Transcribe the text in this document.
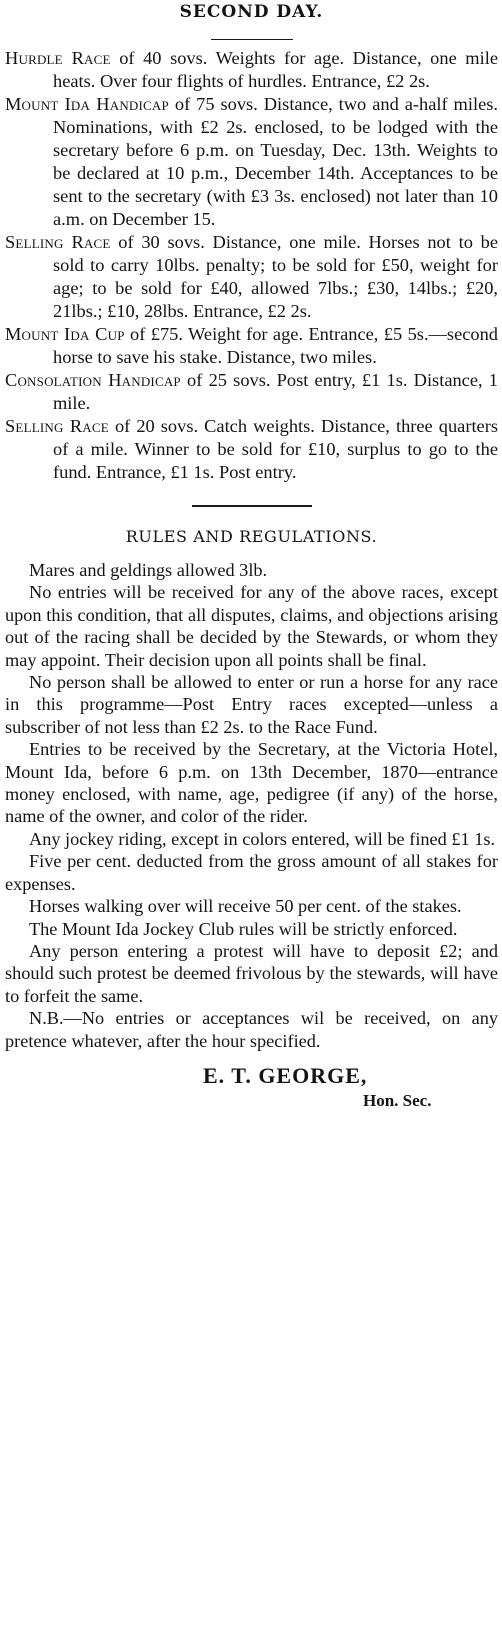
SECOND DAY.

Hurdle Race of 40 sovs. Weights for age. Distance, one mile heats. Over four flights of hurdles. Entrance, £2 2s.

Mount Ida Handicap of 75 sovs. Distance, two and a-half miles. Nominations, with £2 2s. enclosed, to be lodged with the secretary before 6 p.m. on Tuesday, Dec. 13th. Weights to be declared at 10 p.m., December 14th. Acceptances to be sent to the secretary (with £3 3s. enclosed) not later than 10 a.m. on December 15.

Selling Race of 30 sovs. Distance, one mile. Horses not to be sold to carry 10lbs. penalty; to be sold for £50, weight for age; to be sold for £40, allowed 7lbs.; £30, 14lbs.; £20, 21lbs.; £10, 28lbs. Entrance, £2 2s.

Mount Ida Cup of £75. Weight for age. Entrance, £5 5s.—second horse to save his stake. Distance, two miles.

Consolation Handicap of 25 sovs. Post entry, £1 1s. Distance, 1 mile.

Selling Race of 20 sovs. Catch weights. Distance, three quarters of a mile. Winner to be sold for £10, surplus to go to the fund. Entrance, £1 1s. Post entry.

RULES AND REGULATIONS.

Mares and geldings allowed 3lb.

No entries will be received for any of the above races, except upon this condition, that all disputes, claims, and objections arising out of the racing shall be decided by the Stewards, or whom they may appoint. Their decision upon all points shall be final.

No person shall be allowed to enter or run a horse for any race in this programme—Post Entry races excepted—unless a subscriber of not less than £2 2s. to the Race Fund.

Entries to be received by the Secretary, at the Victoria Hotel, Mount Ida, before 6 p.m. on 13th December, 1870—entrance money enclosed, with name, age, pedigree (if any) of the horse, name of the owner, and color of the rider.

Any jockey riding, except in colors entered, will be fined £1 1s.

Five per cent. deducted from the gross amount of all stakes for expenses.

Horses walking over will receive 50 per cent. of the stakes.

The Mount Ida Jockey Club rules will be strictly enforced.

Any person entering a protest will have to deposit £2; and should such protest be deemed frivolous by the stewards, will have to forfeit the same.

N.B.—No entries or acceptances wil be received, on any pretence whatever, after the hour specified.

E. T. GEORGE,
Hon. Sec.
